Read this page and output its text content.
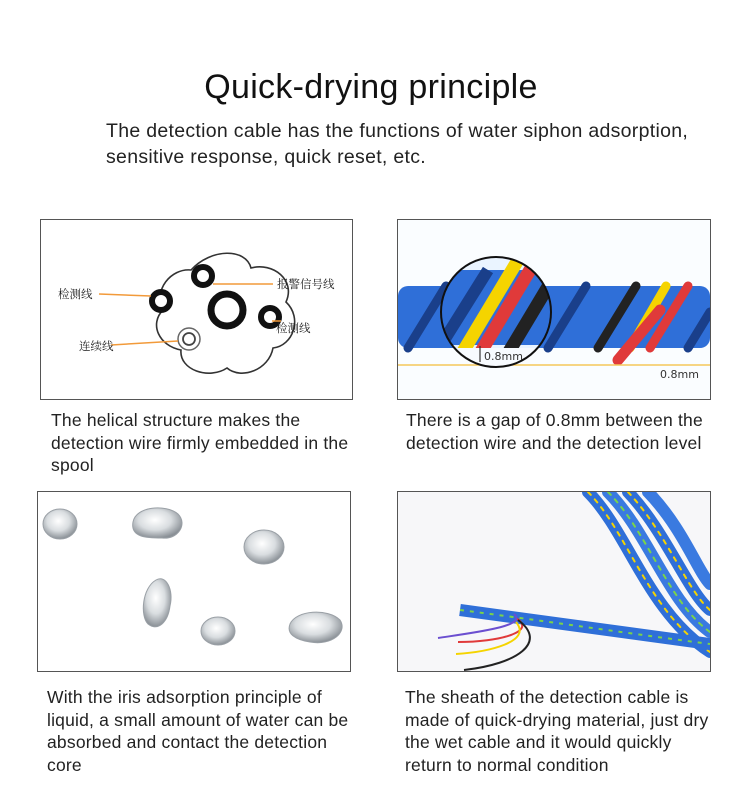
Quick-drying principle
The detection cable has the functions of water siphon adsorption, sensitive response, quick reset, etc.
检测线
报警信号线
检测线
连续线
0.8mm
0.8mm
The helical structure makes the detection wire firmly embedded in the spool
There is a gap of 0.8mm between the detection wire and the detection level
With the iris adsorption principle of liquid, a small amount of water can be absorbed and contact the detection core
The sheath of the detection cable is made of quick-drying material, just dry the wet cable and it would quickly return to normal condition
